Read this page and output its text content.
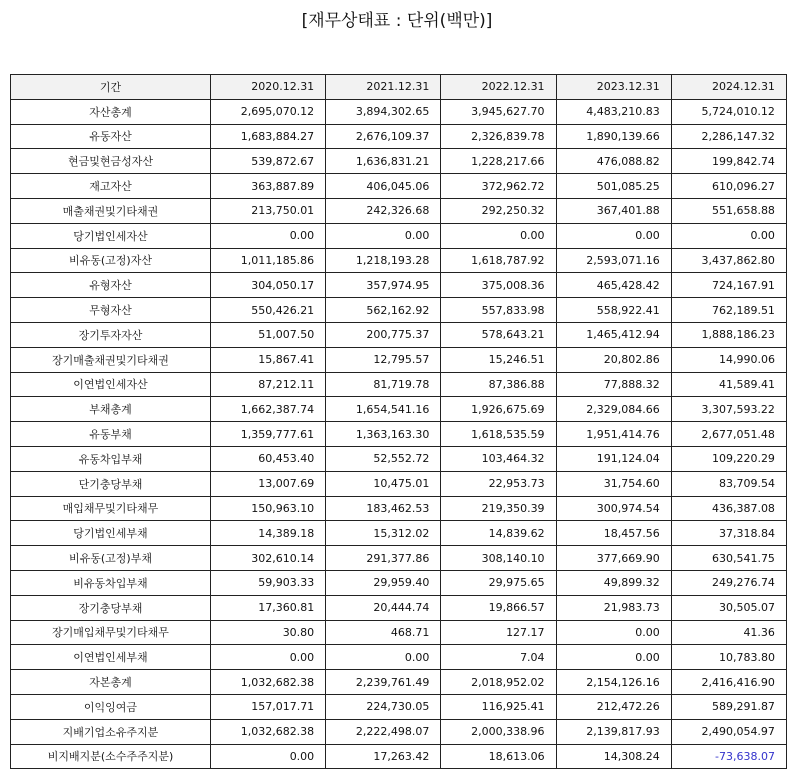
[재무상태표 : 단위(백만)]
기간	2020.12.31	2021.12.31	2022.12.31	2023.12.31	2024.12.31
자산총계	2,695,070.12	3,894,302.65	3,945,627.70	4,483,210.83	5,724,010.12
유동자산	1,683,884.27	2,676,109.37	2,326,839.78	1,890,139.66	2,286,147.32
현금및현금성자산	539,872.67	1,636,831.21	1,228,217.66	476,088.82	199,842.74
재고자산	363,887.89	406,045.06	372,962.72	501,085.25	610,096.27
매출채권및기타채권	213,750.01	242,326.68	292,250.32	367,401.88	551,658.88
당기법인세자산	0.00	0.00	0.00	0.00	0.00
비유동(고정)자산	1,011,185.86	1,218,193.28	1,618,787.92	2,593,071.16	3,437,862.80
유형자산	304,050.17	357,974.95	375,008.36	465,428.42	724,167.91
무형자산	550,426.21	562,162.92	557,833.98	558,922.41	762,189.51
장기투자자산	51,007.50	200,775.37	578,643.21	1,465,412.94	1,888,186.23
장기매출채권및기타채권	15,867.41	12,795.57	15,246.51	20,802.86	14,990.06
이연법인세자산	87,212.11	81,719.78	87,386.88	77,888.32	41,589.41
부채총계	1,662,387.74	1,654,541.16	1,926,675.69	2,329,084.66	3,307,593.22
유동부채	1,359,777.61	1,363,163.30	1,618,535.59	1,951,414.76	2,677,051.48
유동차입부채	60,453.40	52,552.72	103,464.32	191,124.04	109,220.29
단기충당부채	13,007.69	10,475.01	22,953.73	31,754.60	83,709.54
매입채무및기타채무	150,963.10	183,462.53	219,350.39	300,974.54	436,387.08
당기법인세부채	14,389.18	15,312.02	14,839.62	18,457.56	37,318.84
비유동(고정)부채	302,610.14	291,377.86	308,140.10	377,669.90	630,541.75
비유동차입부채	59,903.33	29,959.40	29,975.65	49,899.32	249,276.74
장기충당부채	17,360.81	20,444.74	19,866.57	21,983.73	30,505.07
장기매입채무및기타채무	30.80	468.71	127.17	0.00	41.36
이연법인세부채	0.00	0.00	7.04	0.00	10,783.80
자본총계	1,032,682.38	2,239,761.49	2,018,952.02	2,154,126.16	2,416,416.90
이익잉여금	157,017.71	224,730.05	116,925.41	212,472.26	589,291.87
지배기업소유주지분	1,032,682.38	2,222,498.07	2,000,338.96	2,139,817.93	2,490,054.97
비지배지분(소수주주지분)	0.00	17,263.42	18,613.06	14,308.24	-73,638.07
